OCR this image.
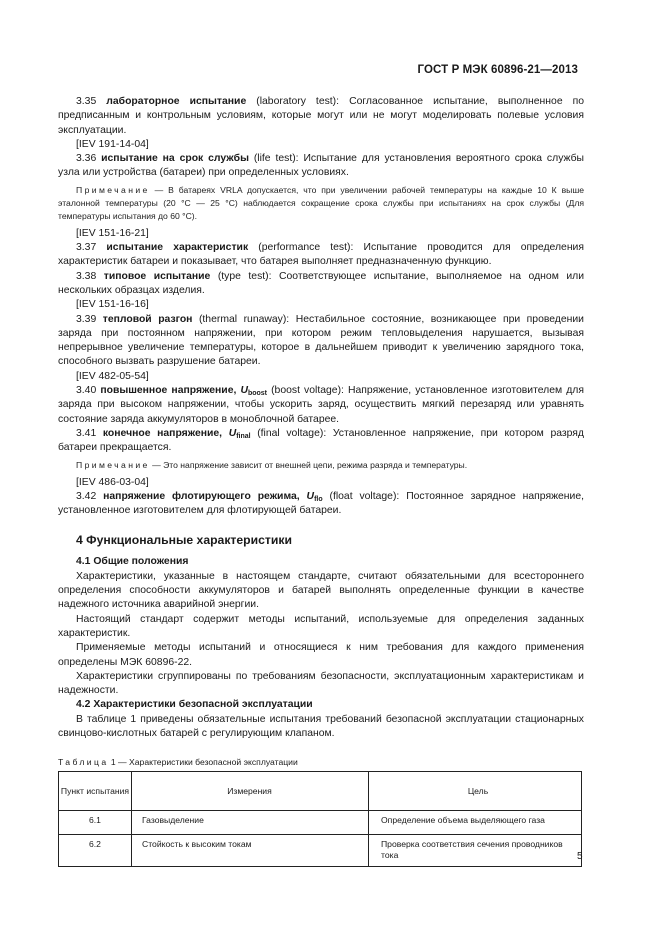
ГОСТ Р МЭК 60896-21—2013

3.35 лабораторное испытание (laboratory test): Согласованное испытание, выполненное по предписанным и контрольным условиям, которые могут или не могут моделировать полевые условия эксплуатации.

[IEV 191-14-04]

3.36 испытание на срок службы (life test): Испытание для установления вероятного срока службы узла или устройства (батареи) при определенных условиях.

Примечание — В батареях VRLA допускается, что при увеличении рабочей температуры на каждые 10 К выше эталонной температуры (20 °С — 25 °С) наблюдается сокращение срока службы при испытаниях на срок службы (Для температуры испытания до 60 °С).

[IEV 151-16-21]

3.37 испытание характеристик (performance test): Испытание проводится для определения характеристик батареи и показывает, что батарея выполняет предназначенную функцию.

3.38 типовое испытание (type test): Соответствующее испытание, выполняемое на одном или нескольких образцах изделия.

[IEV 151-16-16]

3.39 тепловой разгон (thermal runaway): Нестабильное состояние, возникающее при проведении заряда при постоянном напряжении, при котором режим тепловыделения нарушается, вызывая непрерывное увеличение температуры, которое в дальнейшем приводит к увеличению зарядного тока, способного вызвать разрушение батареи.

[IEV 482-05-54]

3.40 повышенное напряжение, $U_{boost}$ (boost voltage): Напряжение, установленное изготовителем для заряда при высоком напряжении, чтобы ускорить заряд, осуществить мягкий перезаряд или уравнять состояние заряда аккумуляторов в моноблочной батарее.

3.41 конечное напряжение, $U_{final}$ (final voltage): Установленное напряжение, при котором разряд батареи прекращается.

Примечание — Это напряжение зависит от внешней цепи, режима разряда и температуры.

[IEV 486-03-04]

3.42 напряжение флотирующего режима, $U_{flo}$ (float voltage): Постоянное зарядное напряжение, установленное изготовителем для флотирующей батареи.

4 Функциональные характеристики

4.1 Общие положения

Характеристики, указанные в настоящем стандарте, считают обязательными для всестороннего определения способности аккумуляторов и батарей выполнять определенные функции в качестве надежного источника аварийной энергии.

Настоящий стандарт содержит методы испытаний, используемые для определения заданных характеристик.

Применяемые методы испытаний и относящиеся к ним требования для каждого применения определены МЭК 60896-22.

Характеристики сгруппированы по требованиям безопасности, эксплуатационным характеристикам и надежности.

4.2 Характеристики безопасной эксплуатации

В таблице 1 приведены обязательные испытания требований безопасной эксплуатации стационарных свинцово-кислотных батарей с регулирующим клапаном.

Таблица 1 — Характеристики безопасной эксплуатации
Пункт испытания	Измерения	Цель
6.1	Газовыделение	Определение объема выделяющего газа
6.2	Стойкость к высоким токам	Проверка соответствия сечения проводников тока	5
